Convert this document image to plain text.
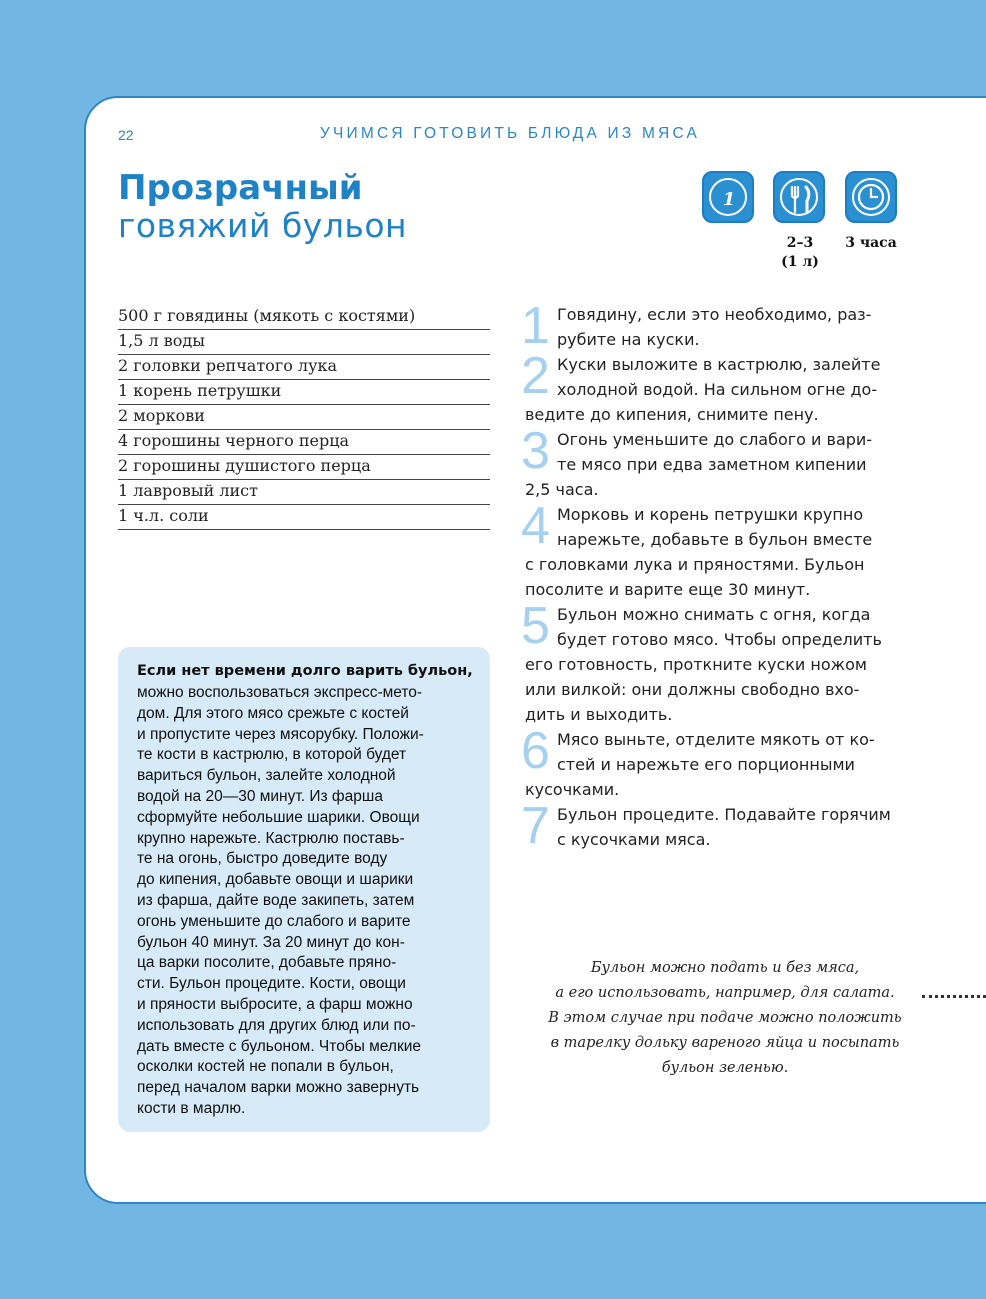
22	УЧИМСЯ ГОТОВИТЬ БЛЮДА ИЗ МЯСА
Прозрачный
говяжий бульон
1
2–3
(1 л)
3 часа
500 г говядины (мякоть с костями)
1,5 л воды
2 головки репчатого лука
1 корень петрушки
2 моркови
4 горошины черного перца
2 горошины душистого перца
1 лавровый лист
1 ч.л. соли
1 Говядину, если это необходимо, раз-
рубите на куски.
2 Куски выложите в кастрюлю, залейте
холодной водой. На сильном огне до-
ведите до кипения, снимите пену.
3 Огонь уменьшите до слабого и вари-
те мясо при едва заметном кипении
2,5 часа.
4 Морковь и корень петрушки крупно
нарежьте, добавьте в бульон вместе
с головками лука и пряностями. Бульон
посолите и варите еще 30 минут.
5 Бульон можно снимать с огня, когда
будет готово мясо. Чтобы определить
его готовность, проткните куски ножом
или вилкой: они должны свободно вхо-
дить и выходить.
6 Мясо выньте, отделите мякоть от ко-
стей и нарежьте его порционными
кусочками.
7 Бульон процедите. Подавайте горячим
с кусочками мяса.
Если нет времени долго варить бульон,
можно воспользоваться экспресс-мето-
дом. Для этого мясо срежьте с костей
и пропустите через мясорубку. Положи-
те кости в кастрюлю, в которой будет
вариться бульон, залейте холодной
водой на 20—30 минут. Из фарша
сформуйте небольшие шарики. Овощи
крупно нарежьте. Кастрюлю поставь-
те на огонь, быстро доведите воду
до кипения, добавьте овощи и шарики
из фарша, дайте воде закипеть, затем
огонь уменьшите до слабого и варите
бульон 40 минут. За 20 минут до кон-
ца варки посолите, добавьте пряно-
сти. Бульон процедите. Кости, овощи
и пряности выбросите, а фарш можно
использовать для других блюд или по-
дать вместе с бульоном. Чтобы мелкие
осколки костей не попали в бульон,
перед началом варки можно завернуть
кости в марлю.
Бульон можно подать и без мяса,
а его использовать, например, для салата.
В этом случае при подаче можно положить
в тарелку дольку вареного яйца и посыпать
бульон зеленью.
